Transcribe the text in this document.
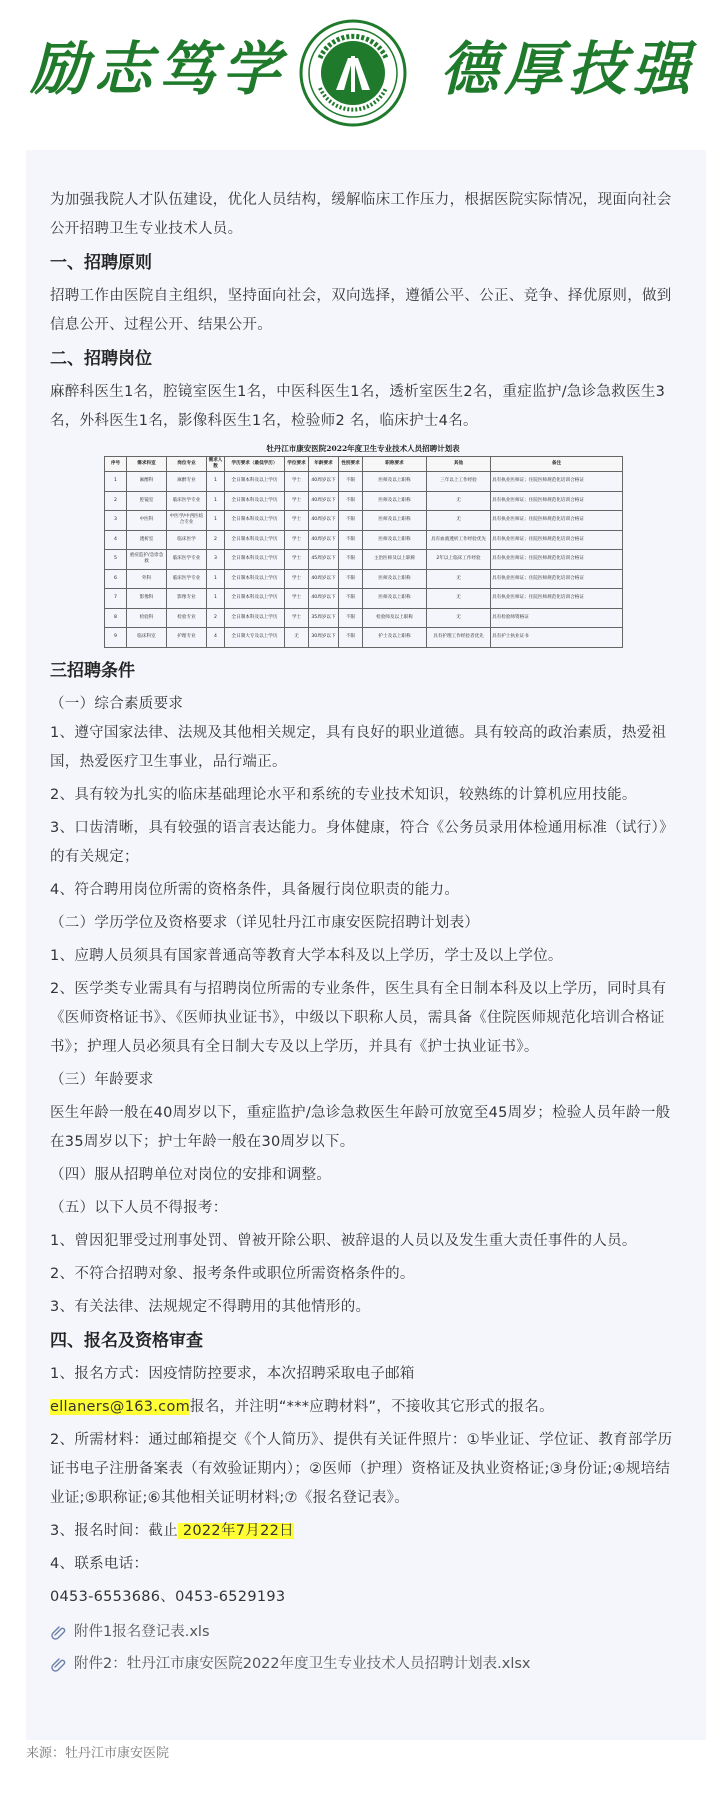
励志笃学	德厚技强

为加强我院人才队伍建设，优化人员结构，缓解临床工作压力，根据医院实际情况，现面向社会公开招聘卫生专业技术人员。

一、招聘原则

招聘工作由医院自主组织，坚持面向社会，双向选择，遵循公平、公正、竞争、择优原则，做到信息公开、过程公开、结果公开。

二、招聘岗位

麻醉科医生1名，腔镜室医生1名，中医科医生1名，透析室医生2名，重症监护/急诊急救医生3名，外科医生1名，影像科医生1名，检验师2 名，临床护士4名。

牡丹江市康安医院2022年度卫生专业技术人员招聘计划表
序号	需求科室	岗位专业	需求人数	学历要求（最低学历）	学位要求	年龄要求	性别要求	职称要求	其他	备注
1	麻醉科	麻醉专业	1	全日制本科及以上学历	学士	40周岁以下	不限	医师及以上职称	三年以上工作经验	具有执业医师证；住院医师规范化培训合格证
2	腔镜室	临床医学专业	1	全日制本科及以上学历	学士	40周岁以下	不限	医师及以上职称	无	具有执业医师证；住院医师规范化培训合格证
3	中医科	中医学/中西医结合专业	1	全日制本科及以上学历	学士	40周岁以下	不限	医师及以上职称	无	具有执业医师证；住院医师规范化培训合格证
4	透析室	临床医学	2	全日制本科及以上学历	学士	40周岁以下	不限	医师及以上职称	具有血液透析工作经验优先	具有执业医师证；住院医师规范化培训合格证
5	重症监护/急诊急救	临床医学专业	3	全日制本科及以上学历	学士	45周岁以下	不限	主治医师及以上职称	2年以上临床工作经验	具有执业医师证；住院医师规范化培训合格证
6	外科	临床医学专业	1	全日制本科及以上学历	学士	40周岁以下	不限	医师及以上职称	无	具有执业医师证；住院医师规范化培训合格证
7	影像科	影像专业	1	全日制本科及以上学历	学士	40周岁以下	不限	医师及以上职称	无	具有执业医师证；住院医师规范化培训合格证
8	检验科	检验专业	2	全日制本科及以上学历	学士	35周岁以下	不限	检验师及以上职称	无	具有检验师资格证
9	临床科室	护理专业	4	全日制大专及以上学历	无	30周岁以下	不限	护士及以上职称	具有护理工作经验者优先	具有护士执业证书
三招聘条件

（一）综合素质要求

1、遵守国家法律、法规及其他相关规定，具有良好的职业道德。具有较高的政治素质，热爱祖国，热爱医疗卫生事业，品行端正。

2、具有较为扎实的临床基础理论水平和系统的专业技术知识，较熟练的计算机应用技能。

3、口齿清晰，具有较强的语言表达能力。身体健康，符合《公务员录用体检通用标准（试行）》的有关规定；

4、符合聘用岗位所需的资格条件，具备履行岗位职责的能力。

（二）学历学位及资格要求（详见牡丹江市康安医院招聘计划表）

1、应聘人员须具有国家普通高等教育大学本科及以上学历，学士及以上学位。

2、医学类专业需具有与招聘岗位所需的专业条件，医生具有全日制本科及以上学历，同时具有《医师资格证书》、《医师执业证书》，中级以下职称人员，需具备《住院医师规范化培训合格证书》；护理人员必须具有全日制大专及以上学历，并具有《护士执业证书》。

（三）年龄要求

医生年龄一般在40周岁以下，重症监护/急诊急救医生年龄可放宽至45周岁；检验人员年龄一般在35周岁以下；护士年龄一般在30周岁以下。

（四）服从招聘单位对岗位的安排和调整。

（五）以下人员不得报考：

1、曾因犯罪受过刑事处罚、曾被开除公职、被辞退的人员以及发生重大责任事件的人员。

2、不符合招聘对象、报考条件或职位所需资格条件的。

3、有关法律、法规规定不得聘用的其他情形的。

四、报名及资格审查

1、报名方式：因疫情防控要求，本次招聘采取电子邮箱

ellaners@163.com报名，并注明“***应聘材料”，不接收其它形式的报名。

2、所需材料：通过邮箱提交《个人简历》、提供有关证件照片：①毕业证、学位证、教育部学历证书电子注册备案表（有效验证期内）；②医师（护理）资格证及执业资格证;③身份证;④规培结业证;⑤职称证;⑥其他相关证明材料;⑦《报名登记表》。

3、报名时间：截止 2022年7月22日

4、联系电话：

0453-6553686、0453-6529193

附件1报名登记表.xls
附件2：牡丹江市康安医院2022年度卫生专业技术人员招聘计划表.xlsx
来源：牡丹江市康安医院
